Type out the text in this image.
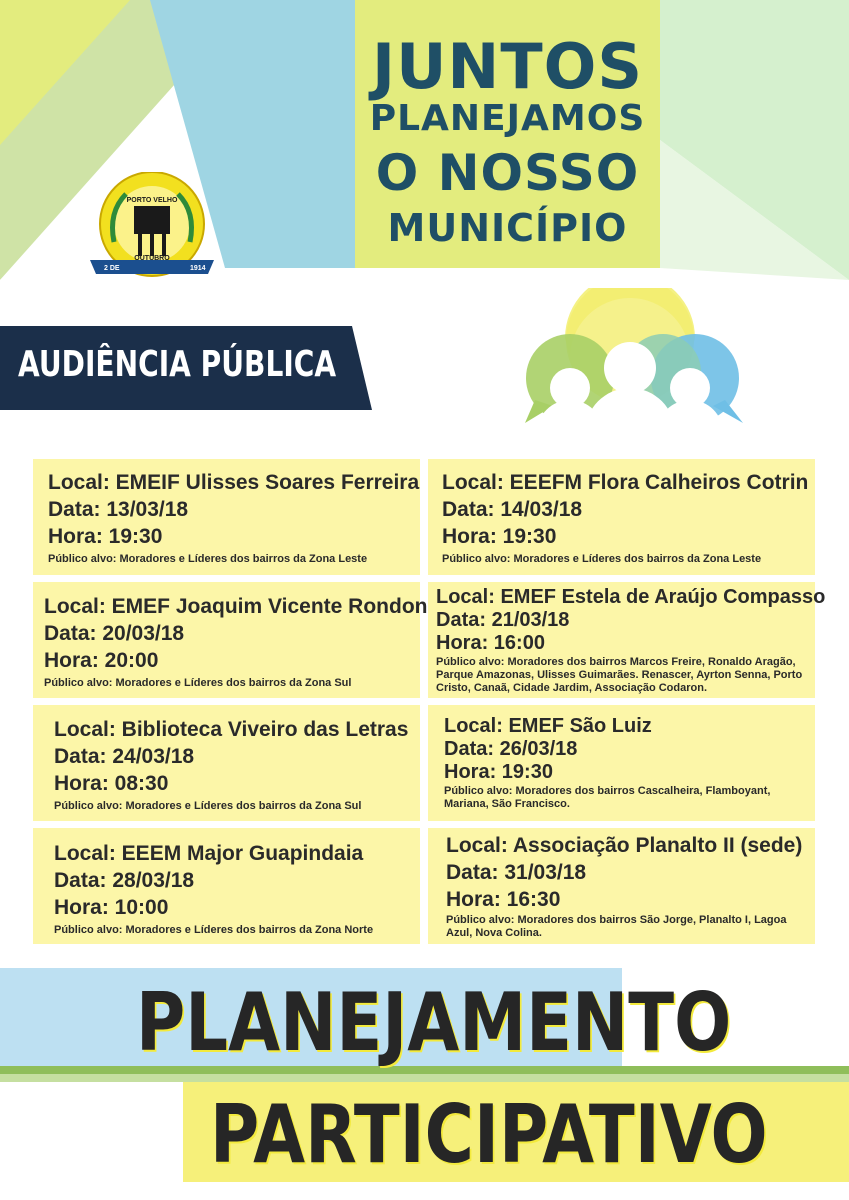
JUNTOS
PLANEJAMOS
O NOSSO
MUNICÍPIO
PORTO VELHO
2 DE
OUTUBRO
1914
AUDIÊNCIA PÚBLICA
Local: EMEIF Ulisses Soares Ferreira
Data: 13/03/18
Hora: 19:30
Público alvo: Moradores e Líderes dos bairros da Zona Leste
Local: EEEFM Flora Calheiros Cotrin
Data: 14/03/18
Hora: 19:30
Público alvo: Moradores e Líderes dos bairros da Zona Leste
Local: EMEF Joaquim Vicente Rondon
Data: 20/03/18
Hora: 20:00
Público alvo: Moradores e Líderes dos bairros da Zona Sul
Local: EMEF Estela de Araújo Compasso
Data: 21/03/18
Hora: 16:00
Público alvo: Moradores dos bairros Marcos Freire, Ronaldo Aragão, Parque Amazonas, Ulisses Guimarães. Renascer, Ayrton Senna, Porto Cristo, Canaã, Cidade Jardim, Associação Codaron.
Local: Biblioteca Viveiro das Letras
Data: 24/03/18
Hora: 08:30
Público alvo: Moradores e Líderes dos bairros da Zona Sul
Local: EMEF São Luiz
Data: 26/03/18
Hora: 19:30
Público alvo: Moradores dos bairros Cascalheira, Flamboyant, Mariana, São Francisco.
Local: EEEM Major Guapindaia
Data: 28/03/18
Hora: 10:00
Público alvo: Moradores e Líderes dos bairros da Zona Norte
Local: Associação Planalto II (sede)
Data: 31/03/18
Hora: 16:30
Público alvo: Moradores dos bairros São Jorge, Planalto I, Lagoa Azul, Nova Colina.
PLANEJAMENTO
PARTICIPATIVO
